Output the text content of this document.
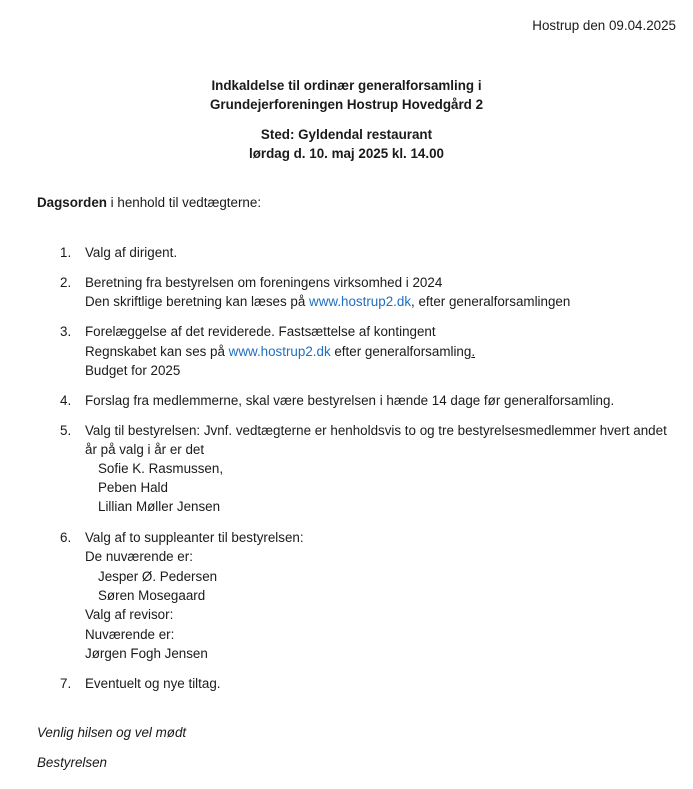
Hostrup den 09.04.2025
Indkaldelse til ordinær generalforsamling i
Grundejerforeningen Hostrup Hovedgård 2
Sted: Gyldendal restaurant
lørdag d. 10. maj 2025 kl. 14.00
Dagsorden i henhold til vedtægterne:
1. Valg af dirigent.
2. Beretning fra bestyrelsen om foreningens virksomhed i 2024
Den skriftlige beretning kan læses på www.hostrup2.dk, efter generalforsamlingen
3. Forelæggelse af det reviderede. Fastsættelse af kontingent
Regnskabet kan ses på www.hostrup2.dk efter generalforsamling.
Budget for 2025
4. Forslag fra medlemmerne, skal være bestyrelsen i hænde 14 dage før generalforsamling.
5. Valg til bestyrelsen: Jvnf. vedtægterne er henholdsvis to og tre bestyrelsesmedlemmer hvert andet
år på valg i år er det
Sofie K. Rasmussen,
Peben Hald
Lillian Møller Jensen
6. Valg af to suppleanter til bestyrelsen:
De nuværende er:
Jesper Ø. Pedersen
Søren Mosegaard
Valg af revisor:
Nuværende er:
Jørgen Fogh Jensen
7. Eventuelt og nye tiltag.
Venlig hilsen og vel mødt
Bestyrelsen
